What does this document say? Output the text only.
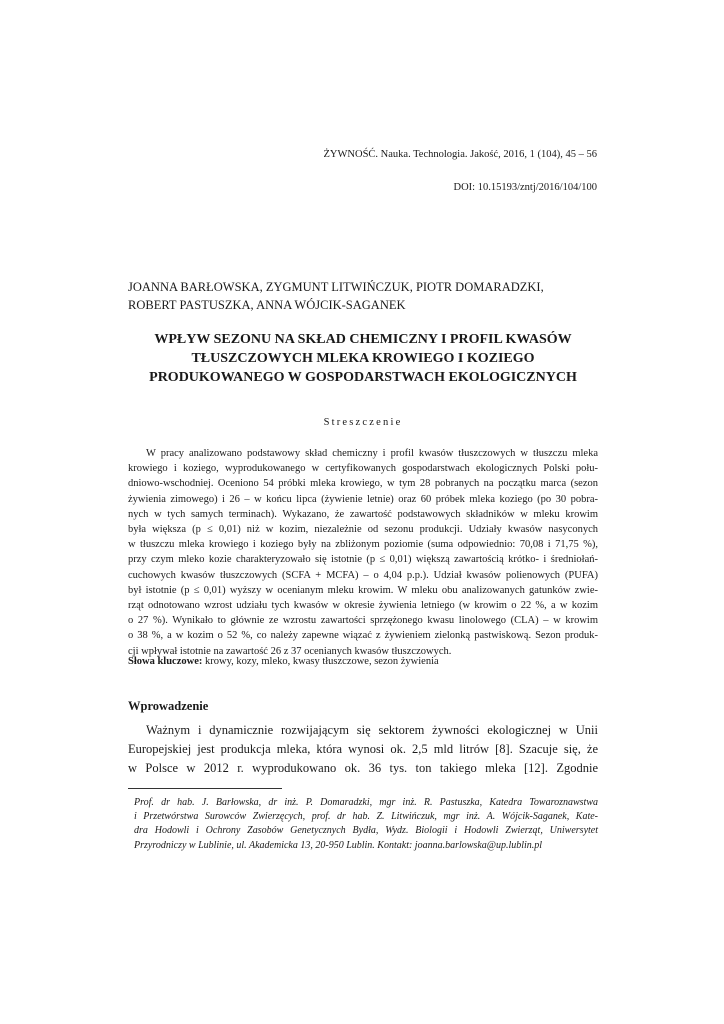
ŻYWNOŚĆ. Nauka. Technologia. Jakość, 2016, 1 (104), 45 – 56
DOI: 10.15193/zntj/2016/104/100
JOANNA BARŁOWSKA, ZYGMUNT LITWIŃCZUK, PIOTR DOMARADZKI,
ROBERT PASTUSZKA, ANNA WÓJCIK-SAGANEK
WPŁYW SEZONU NA SKŁAD CHEMICZNY I PROFIL KWASÓW
TŁUSZCZOWYCH MLEKA KROWIEGO I KOZIEGO
PRODUKOWANEGO W GOSPODARSTWACH EKOLOGICZNYCH
Streszczenie
W pracy analizowano podstawowy skład chemiczny i profil kwasów tłuszczowych w tłuszczu mleka
krowiego i koziego, wyprodukowanego w certyfikowanych gospodarstwach ekologicznych Polski połu-
dniowo-wschodniej. Oceniono 54 próbki mleka krowiego, w tym 28 pobranych na początku marca (sezon
żywienia zimowego) i 26 – w końcu lipca (żywienie letnie) oraz 60 próbek mleka koziego (po 30 pobra-
nych w tych samych terminach). Wykazano, że zawartość podstawowych składników w mleku krowim
była większa (p ≤ 0,01) niż w kozim, niezależnie od sezonu produkcji. Udziały kwasów nasyconych
w tłuszczu mleka krowiego i koziego były na zbliżonym poziomie (suma odpowiednio: 70,08 i 71,75 %),
przy czym mleko kozie charakteryzowało się istotnie (p ≤ 0,01) większą zawartością krótko- i średniołań-
cuchowych kwasów tłuszczowych (SCFA + MCFA) – o 4,04 p.p.). Udział kwasów polienowych (PUFA)
był istotnie (p ≤ 0,01) wyższy w ocenianym mleku krowim. W mleku obu analizowanych gatunków zwie-
rząt odnotowano wzrost udziału tych kwasów w okresie żywienia letniego (w krowim o 22 %, a w kozim
o 27 %). Wynikało to głównie ze wzrostu zawartości sprzężonego kwasu linolowego (CLA) – w krowim
o 38 %, a w kozim o 52 %, co należy zapewne wiązać z żywieniem zielonką pastwiskową. Sezon produk-
cji wpływał istotnie na zawartość 26 z 37 ocenianych kwasów tłuszczowych.
Słowa kluczowe: krowy, kozy, mleko, kwasy tłuszczowe, sezon żywienia
Wprowadzenie
Ważnym i dynamicznie rozwijającym się sektorem żywności ekologicznej w Unii
Europejskiej jest produkcja mleka, która wynosi ok. 2,5 mld litrów [8]. Szacuje się, że
w Polsce w 2012 r. wyprodukowano ok. 36 tys. ton takiego mleka [12]. Zgodnie
Prof. dr hab. J. Barłowska, dr inż. P. Domaradzki, mgr inż. R. Pastuszka, Katedra Towaroznawstwa
i Przetwórstwa Surowców Zwierzęcych, prof. dr hab. Z. Litwińczuk, mgr inż. A. Wójcik-Saganek, Kate-
dra Hodowli i Ochrony Zasobów Genetycznych Bydła, Wydz. Biologii i Hodowli Zwierząt, Uniwersytet
Przyrodniczy w Lublinie, ul. Akademicka 13, 20-950 Lublin. Kontakt: joanna.barlowska@up.lublin.pl
